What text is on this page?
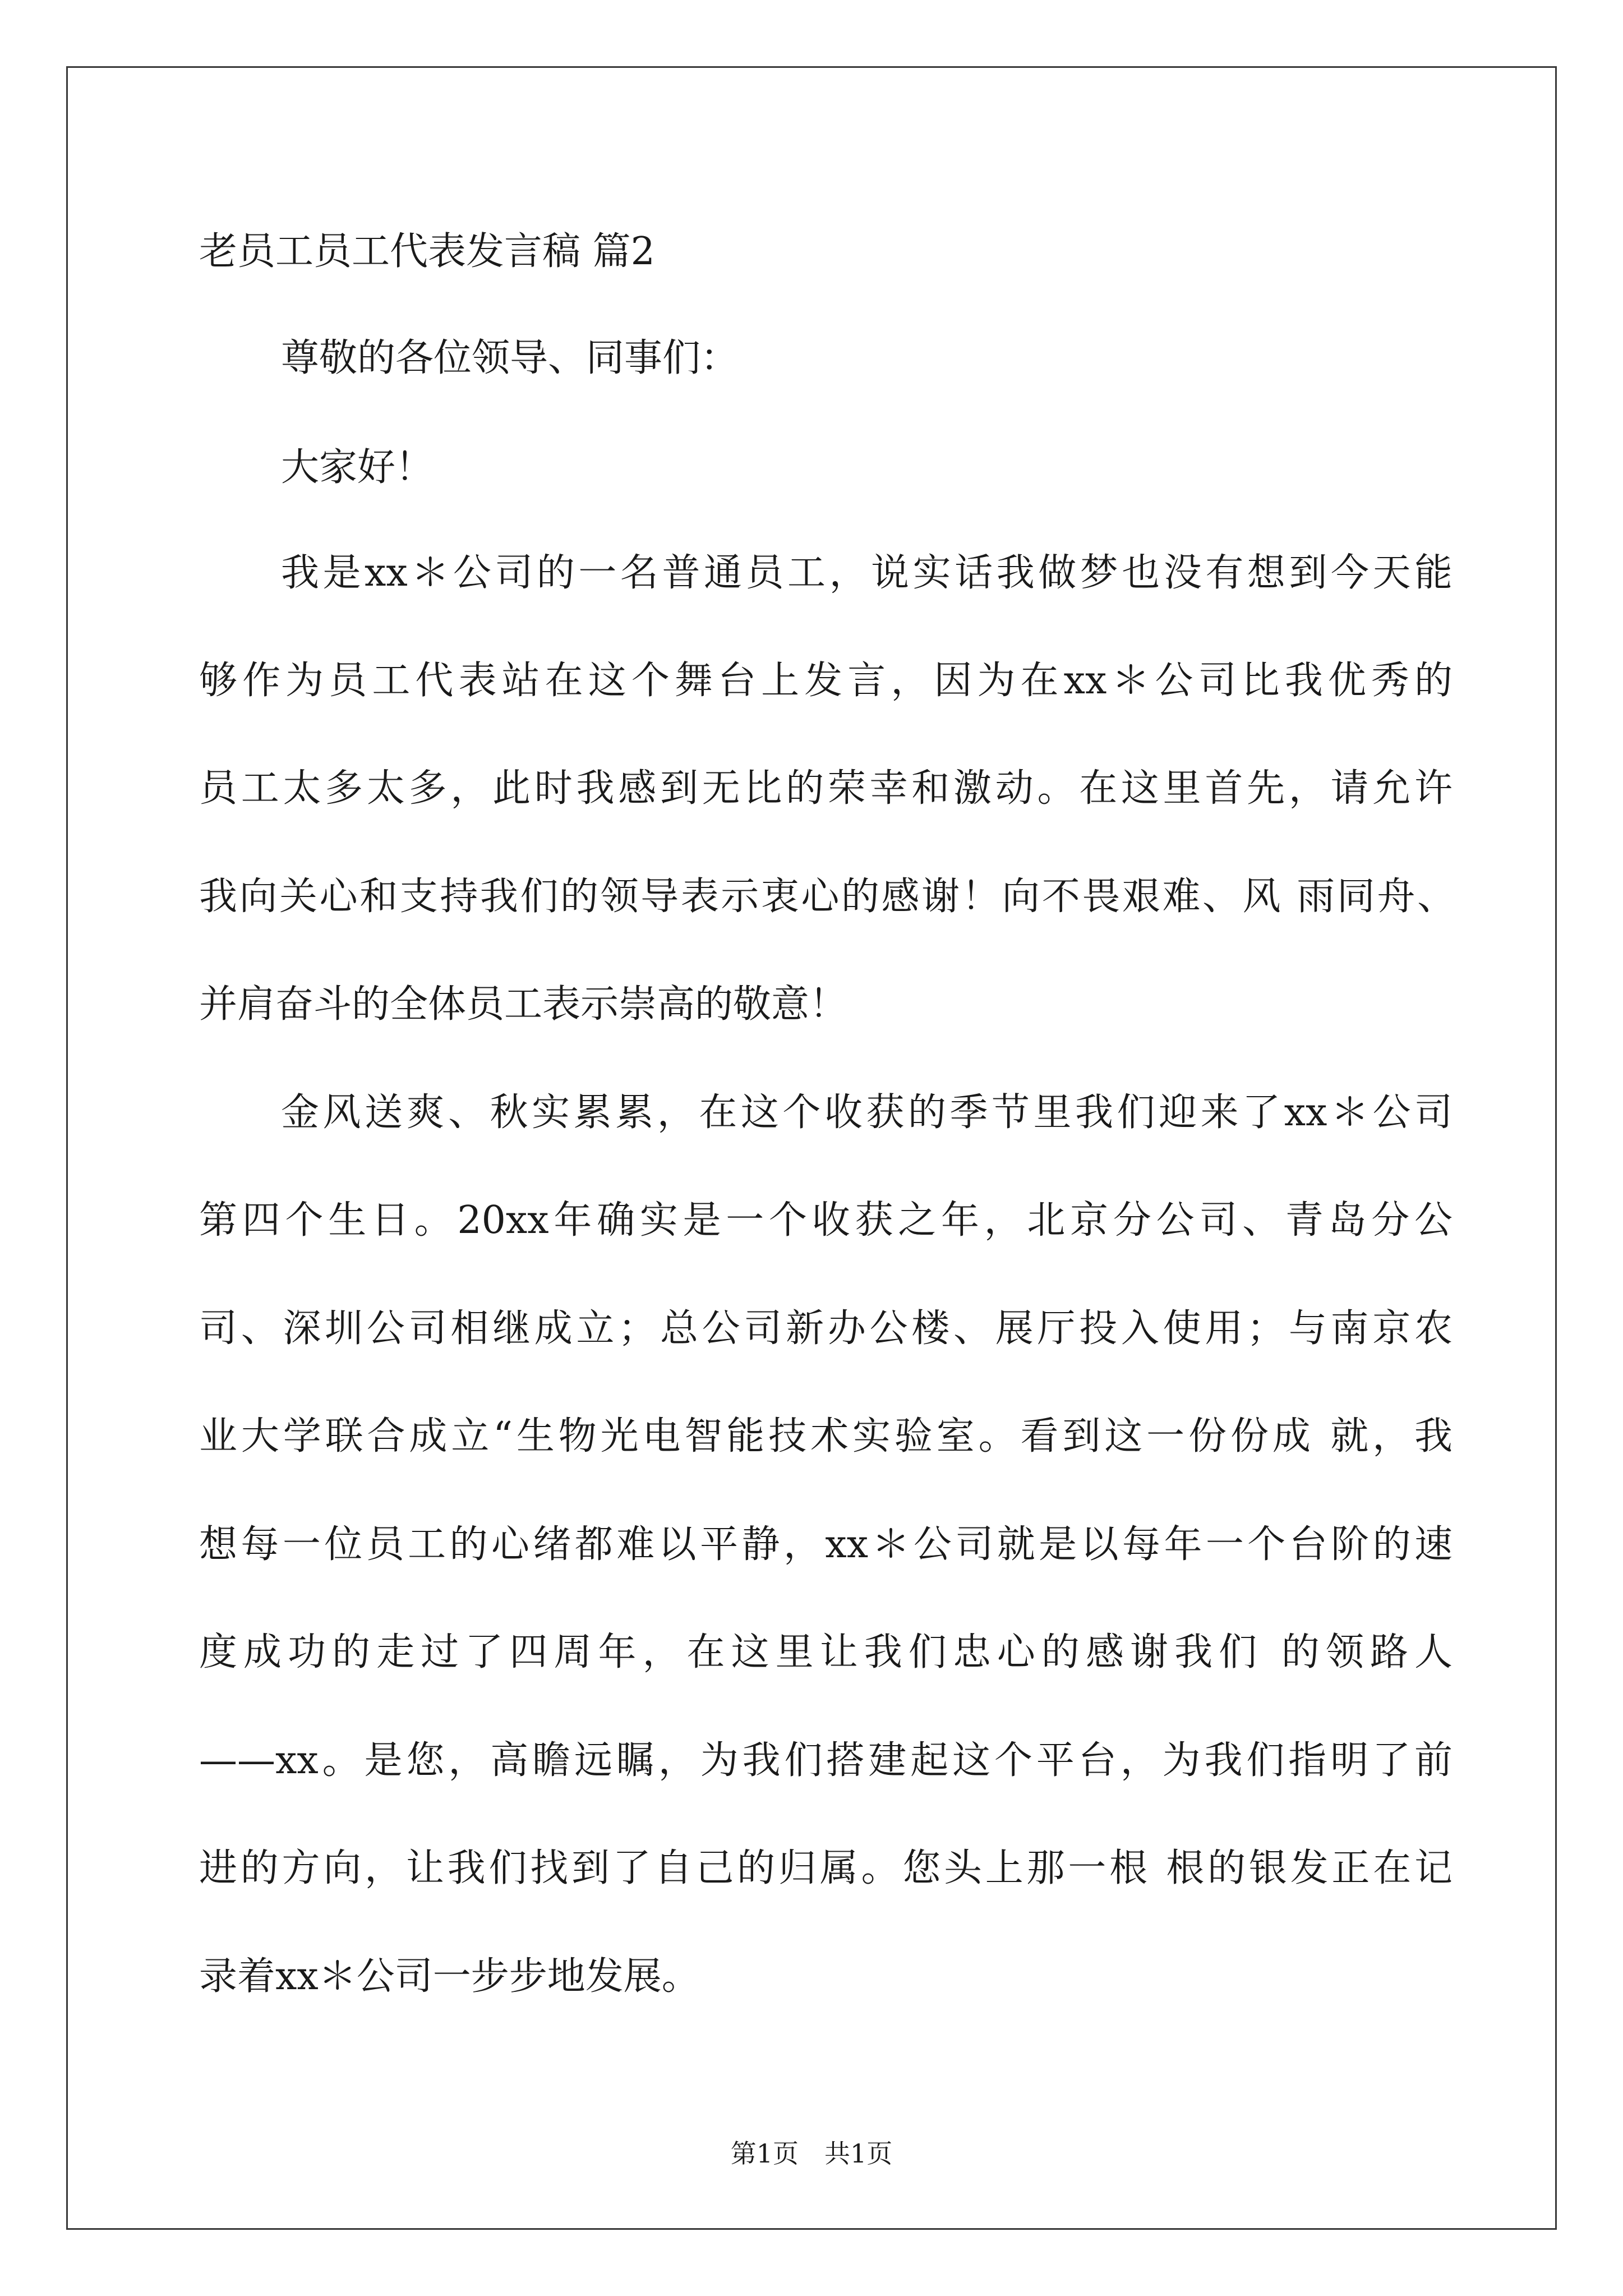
老员工员工代表发言稿 篇2
尊敬的各位领导、同事们：
大家好！
我是xx＊公司的一名普通员工，说实话我做梦也没有想到今天能
够作为员工代表站在这个舞台上发言，因为在xx＊公司比我优秀的
员工太多太多，此时我感到无比的荣幸和激动。在这里首先，请允许
我向关心和支持我们的领导表示衷心的感谢！向不畏艰难、风 雨同舟、
并肩奋斗的全体员工表示崇高的敬意！
金风送爽、秋实累累，在这个收获的季节里我们迎来了xx＊公司
第四个生日。20xx年确实是一个收获之年，北京分公司、青岛分公
司、深圳公司相继成立；总公司新办公楼、展厅投入使用；与南京农
业大学联合成立“生物光电智能技术实验室。看到这一份份成 就，我
想每一位员工的心绪都难以平静，xx＊公司就是以每年一个台阶的速
度成功的走过了四周年，在这里让我们忠心的感谢我们 的领路人
——xx。是您，高瞻远瞩，为我们搭建起这个平台，为我们指明了前
进的方向，让我们找到了自己的归属。您头上那一根 根的银发正在记
录着xx＊公司一步步地发展。
第1页　共1页
